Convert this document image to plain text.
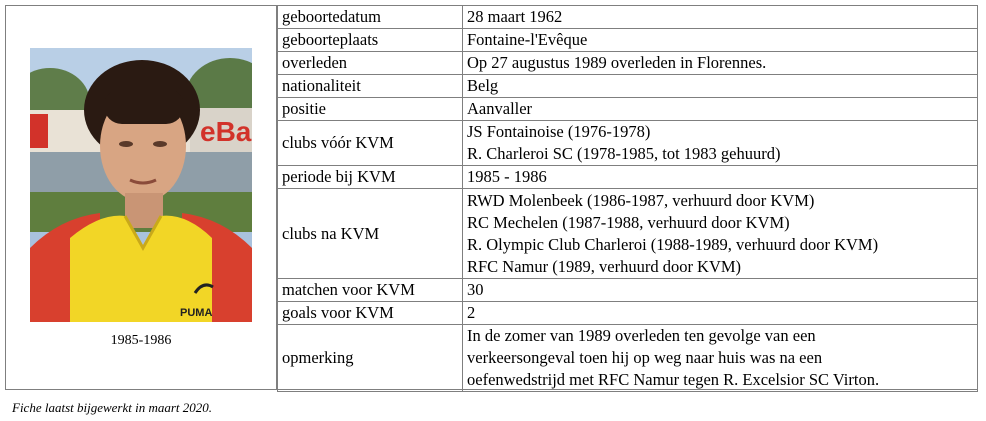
eBa
PUMA
1985-1986
geboortedatum	28 maart 1962

geboorteplaats	Fontaine-l'Evêque

overleden	Op 27 augustus 1989 overleden in Florennes.

nationaliteit	Belg

positie	Aanvaller

clubs vóór KVM	JS Fontainoise (1976-1978)
R. Charleroi SC (1978-1985, tot 1983 gehuurd)

periode bij KVM	1985 - 1986

clubs na KVM	RWD Molenbeek (1986-1987, verhuurd door KVM)
RC Mechelen (1987-1988, verhuurd door KVM)
R. Olympic Club Charleroi (1988-1989, verhuurd door KVM)
RFC Namur (1989, verhuurd door KVM)

matchen voor KVM	30

goals voor KVM	2

opmerking	In de zomer van 1989 overleden ten gevolge van een
verkeersongeval toen hij op weg naar huis was na een
oefenwedstrijd met RFC Namur tegen R. Excelsior SC Virton.
Fiche laatst bijgewerkt in maart 2020.
